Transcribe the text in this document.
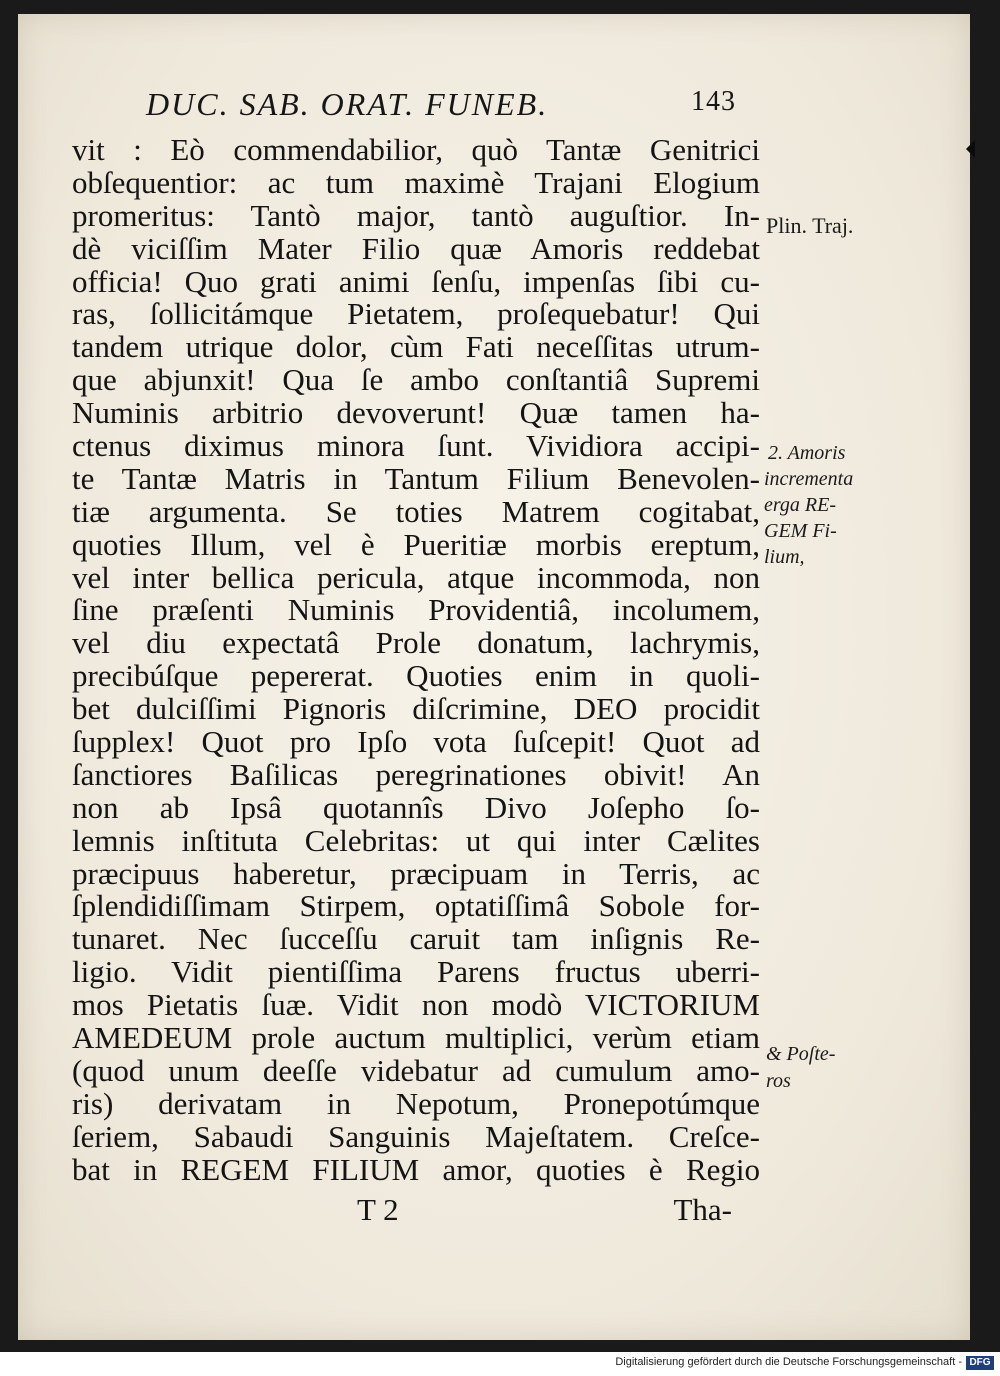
DUC. SAB. ORAT. FUNEB.	143
vit : Eò commendabilior, quò Tantæ Genitrici
obſequentior: ac tum maximè Trajani Elogium
promeritus: Tantò major, tantò auguſtior. In-
dè viciſſim Mater Filio quæ Amoris reddebat
officia! Quo grati animi ſenſu, impenſas ſibi cu-
ras, ſollicitámque Pietatem, proſequebatur! Qui
tandem utrique dolor, cùm Fati neceſſitas utrum-
que abjunxit! Qua ſe ambo conſtantiâ Supremi
Numinis arbitrio devoverunt! Quæ tamen ha-
ctenus diximus minora ſunt. Vividiora accipi-
te Tantæ Matris in Tantum Filium Benevolen-
tiæ argumenta. Se toties Matrem cogitabat,
quoties Illum, vel è Pueritiæ morbis ereptum,
vel inter bellica pericula, atque incommoda, non
ſine præſenti Numinis Providentiâ, incolumem,
vel diu expectatâ Prole donatum, lachrymis,
precibúſque pepererat. Quoties enim in quoli-
bet dulciſſimi Pignoris diſcrimine, DEO procidit
ſupplex! Quot pro Ipſo vota ſuſcepit! Quot ad
ſanctiores Baſilicas peregrinationes obivit! An
non ab Ipsâ quotannîs Divo Joſepho ſo-
lemnis inſtituta Celebritas: ut qui inter Cælites
præcipuus haberetur, præcipuam in Terris, ac
ſplendidiſſimam Stirpem, optatiſſimâ Sobole for-
tunaret. Nec ſucceſſu caruit tam inſignis Re-
ligio. Vidit pientiſſima Parens fructus uberri-
mos Pietatis ſuæ. Vidit non modò VICTORIUM
AMEDEUM prole auctum multiplici, verùm etiam
(quod unum deeſſe videbatur ad cumulum amo-
ris) derivatam in Nepotum, Pronepotúmque
ſeriem, Sabaudi Sanguinis Majeſtatem. Creſce-
bat in REGEM FILIUM amor, quoties è Regio
Plin. Traj.
2. Amoris
incrementa
erga RE-
GEM Fi-
lium,
& Poſte-
ros
T 2	Tha-
Digitalisierung gefördert durch die Deutsche Forschungsgemeinschaft - DFG
